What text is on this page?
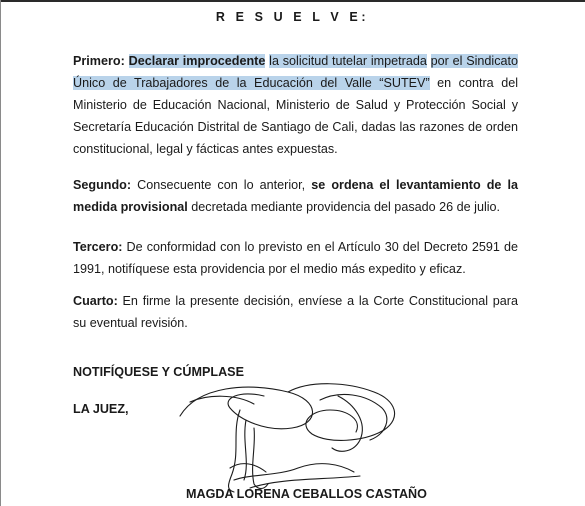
R E S U E L V E:

Primero: Declarar improcedente la solicitud tutelar impetrada por el Sindicato Único de Trabajadores de la Educación del Valle “SUTEV” en contra del Ministerio de Educación Nacional, Ministerio de Salud y Protección Social y Secretaría Educación Distrital de Santiago de Cali, dadas las razones de orden constitucional, legal y fácticas antes expuestas.

Segundo: Consecuente con lo anterior, se ordena el levantamiento de la medida provisional decretada mediante providencia del pasado 26 de julio.

Tercero: De conformidad con lo previsto en el Artículo 30 del Decreto 2591 de 1991, notifíquese esta providencia por el medio más expedito y eficaz.

Cuarto: En firme la presente decisión, envíese a la Corte Constitucional para su eventual revisión.

NOTIFÍQUESE Y CÚMPLASE

LA JUEZ,

MAGDA LORENA CEBALLOS CASTAÑO
